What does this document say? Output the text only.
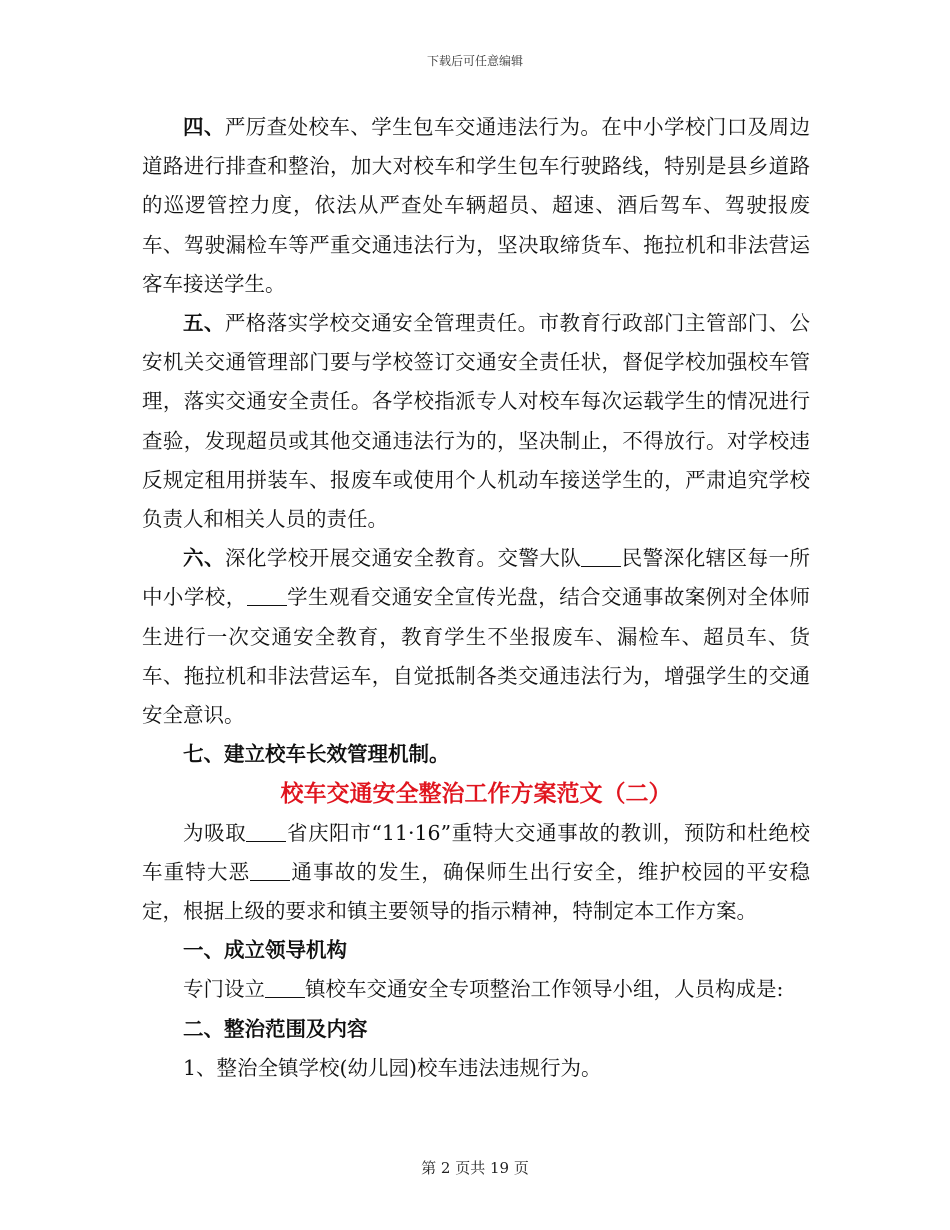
下载后可任意编辑

四、严厉查处校车、学生包车交通违法行为。在中小学校门口及周边道路进行排查和整治，加大对校车和学生包车行驶路线，特别是县乡道路的巡逻管控力度，依法从严查处车辆超员、超速、酒后驾车、驾驶报废车、驾驶漏检车等严重交通违法行为，坚决取缔货车、拖拉机和非法营运客车接送学生。

五、严格落实学校交通安全管理责任。市教育行政部门主管部门、公安机关交通管理部门要与学校签订交通安全责任状，督促学校加强校车管理，落实交通安全责任。各学校指派专人对校车每次运载学生的情况进行查验，发现超员或其他交通违法行为的，坚决制止，不得放行。对学校违反规定租用拼装车、报废车或使用个人机动车接送学生的，严肃追究学校负责人和相关人员的责任。

六、深化学校开展交通安全教育。交警大队 民警深化辖区每一所中小学校， 学生观看交通安全宣传光盘，结合交通事故案例对全体师生进行一次交通安全教育，教育学生不坐报废车、漏检车、超员车、货车、拖拉机和非法营运车，自觉抵制各类交通违法行为，增强学生的交通安全意识。

七、建立校车长效管理机制。

校车交通安全整治工作方案范文（二）

为吸取 省庆阳市“11·16”重特大交通事故的教训，预防和杜绝校车重特大恶 通事故的发生，确保师生出行安全，维护校园的平安稳定，根据上级的要求和镇主要领导的指示精神，特制定本工作方案。

一、成立领导机构

专门设立 镇校车交通安全专项整治工作领导小组，人员构成是:

二、整治范围及内容

1、整治全镇学校(幼儿园)校车违法违规行为。

第 2 页共 19 页
